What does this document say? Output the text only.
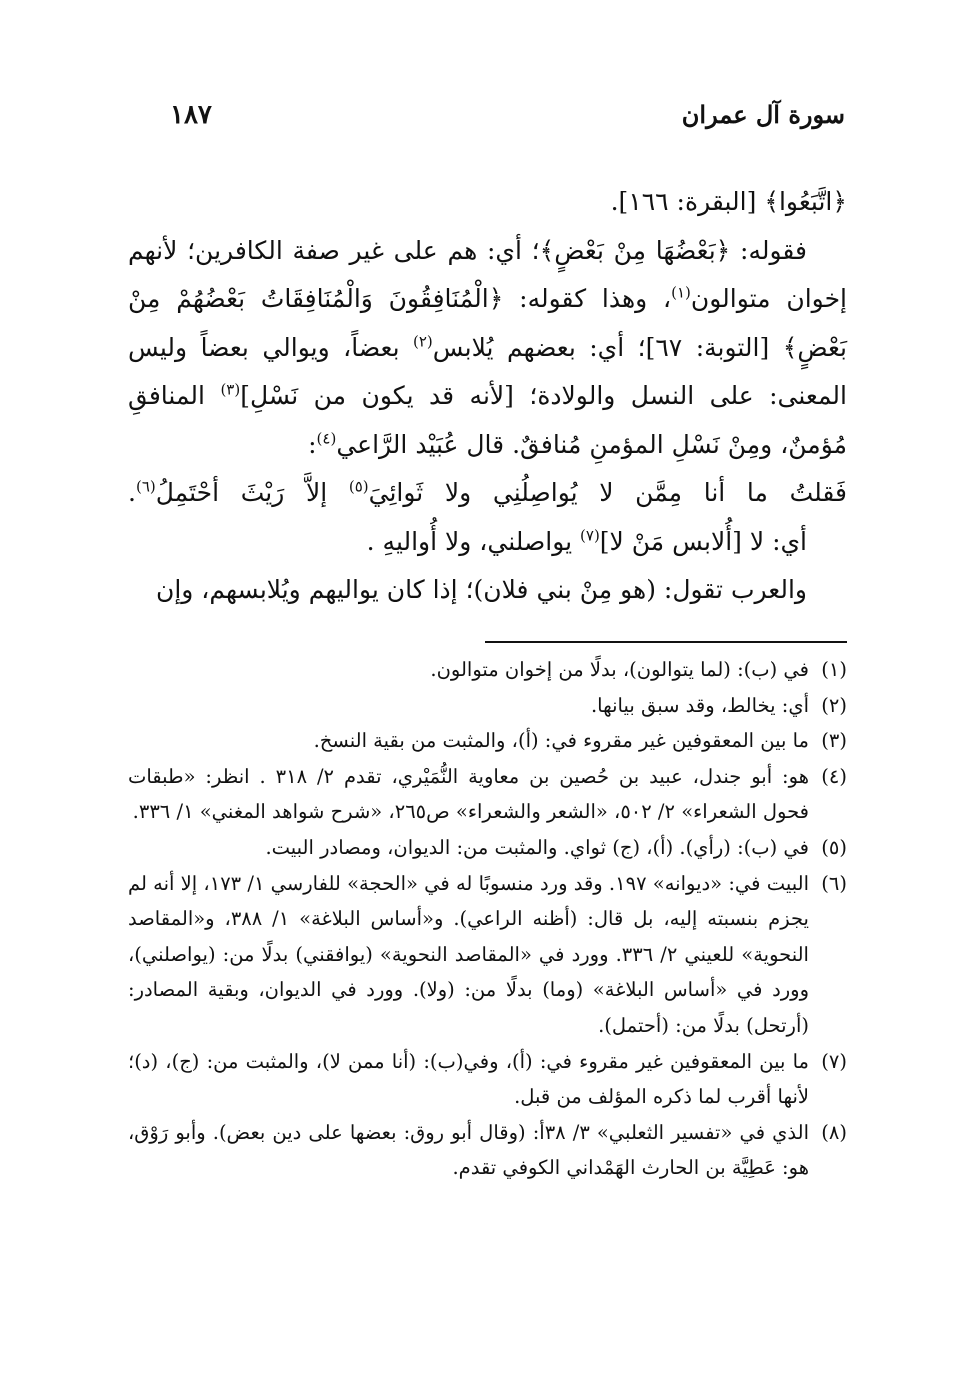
سورة آل عمران
١٨٧

﴿اتَّبَعُوا﴾ [البقرة: ١٦٦].

فقوله: ﴿بَعْضُهَا مِنْ بَعْضٍ﴾؛ أي: هم على غير صفة الكافرين؛ لأنهم إخوان متوالون$^{(١)}$، وهذا كقوله: ﴿الْمُنَافِقُونَ وَالْمُنَافِقَاتُ بَعْضُهُمْ مِنْ بَعْضٍ﴾ [التوبة: ٦٧]؛ أي: بعضهم يُلابس$^{(٢)}$ بعضاً، ويوالي بعضاً وليس المعنى: على النسل والولادة؛ [لأنه قد يكون من نَسْلِ]$^{(٣)}$ المنافقِ مُؤمنٌ، ومِنْ نَسْلِ المؤمنِ مُنافقٌ. قال عُبَيْد الرَّاعي$^{(٤)}$:

فَقلتُ ما أنا مِمَّن لا يُواصِلُنِي ولا ثَوائِيَ$^{(٥)}$ إلاَّ رَيْثَ أحْتَمِلُ$^{(٦)}$.

أي: لا [أُلابس مَنْ لا]$^{(٧)}$ يواصلني، ولا أُواليهِ .

والعرب تقول: (هو مِنْ بني فلان)؛ إذا كان يواليهم ويُلابسهم، وإن

(١)
في (ب): (لما يتوالون)، بدلًا من إخوان متوالون.
(٢)
أي: يخالط، وقد سبق بيانها.
(٣)
ما بين المعقوفين غير مقروء في: (أ)، والمثبت من بقية النسخ.
(٤)
هو: أبو جندل، عبيد بن حُصين بن معاوية النُّمَيْري، تقدم ٢/ ٣١٨ . انظر: «طبقات فحول الشعراء» ٢/ ٥٠٢، «الشعر والشعراء» ص٢٦٥، «شرح شواهد المغني» ١/ ٣٣٦.
(٥)
في (ب): (رأي). (أ)، (ج) ثواي. والمثبت من: الديوان، ومصادر البيت.
(٦)
البيت في: «ديوانه» ١٩٧. وقد ورد منسوبًا له في «الحجة» للفارسي ١/ ١٧٣، إلا أنه لم يجزم بنسبته إليه، بل قال: (أظنه الراعي). و«أساس البلاغة» ١/ ٣٨٨، و«المقاصد النحوية» للعيني ٢/ ٣٣٦. وورد في «المقاصد النحوية» (يوافقني) بدلًا من: (يواصلني)، وورد في «أساس البلاغة» (وما) بدلًا من: (ولا). وورد في الديوان، وبقية المصادر: (أرتحل) بدلًا من: (أحتمل).
(٧)
ما بين المعقوفين غير مقروء في: (أ)، وفي(ب): (أنا ممن لا)، والمثبت من: (ج)، (د)؛ لأنها أقرب لما ذكره المؤلف من قبل.
(٨)
الذي في «تفسير الثعلبي» ٣/ ٣٨أ: (وقال أبو روق: بعضها على دين بعض). وأبو رَوْق، هو: عَطِيَّة بن الحارث الهَمْداني الكوفي تقدم.
